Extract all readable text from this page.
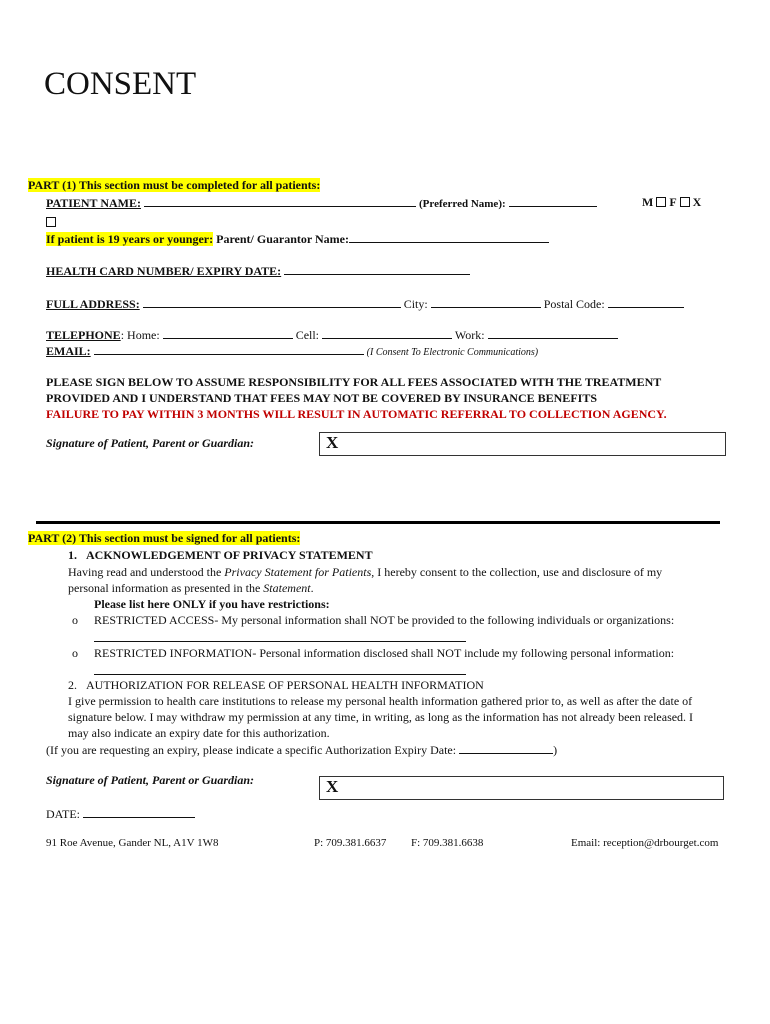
CONSENT
PART (1) This section must be completed for all patients:
PATIENT NAME:	(Preferred Name):	M F X
If patient is 19 years or younger: Parent/ Guarantor Name:
HEALTH CARD NUMBER/ EXPIRY DATE:
FULL ADDRESS:	City:	Postal Code:
TELEPHONE: Home:	Cell:	Work:
EMAIL:	(I Consent To Electronic Communications)
PLEASE SIGN BELOW TO ASSUME RESPONSIBILITY FOR ALL FEES ASSOCIATED WITH THE TREATMENT
PROVIDED AND I UNDERSTAND THAT FEES MAY NOT BE COVERED BY INSURANCE BENEFITS
FAILURE TO PAY WITHIN 3 MONTHS WILL RESULT IN AUTOMATIC REFERRAL TO COLLECTION AGENCY.
Signature of Patient, Parent or Guardian:	X
PART (2) This section must be signed for all patients:
1. ACKNOWLEDGEMENT OF PRIVACY STATEMENT
Having read and understood the Privacy Statement for Patients, I hereby consent to the collection, use and disclosure of my
personal information as presented in the Statement.
Please list here ONLY if you have restrictions:
o RESTRICTED ACCESS- My personal information shall NOT be provided to the following individuals or organizations:
o RESTRICTED INFORMATION- Personal information disclosed shall NOT include my following personal information:
2. AUTHORIZATION FOR RELEASE OF PERSONAL HEALTH INFORMATION
I give permission to health care institutions to release my personal health information gathered prior to, as well as after the date of
signature below. I may withdraw my permission at any time, in writing, as long as the information has not already been released. I
may also indicate an expiry date for this authorization.
(If you are requesting an expiry, please indicate a specific Authorization Expiry Date:	)
Signature of Patient, Parent or Guardian:	X
DATE:
91 Roe Avenue, Gander NL, A1V 1W8	P: 709.381.6637 F: 709.381.6638	Email: reception@drbourget.com
